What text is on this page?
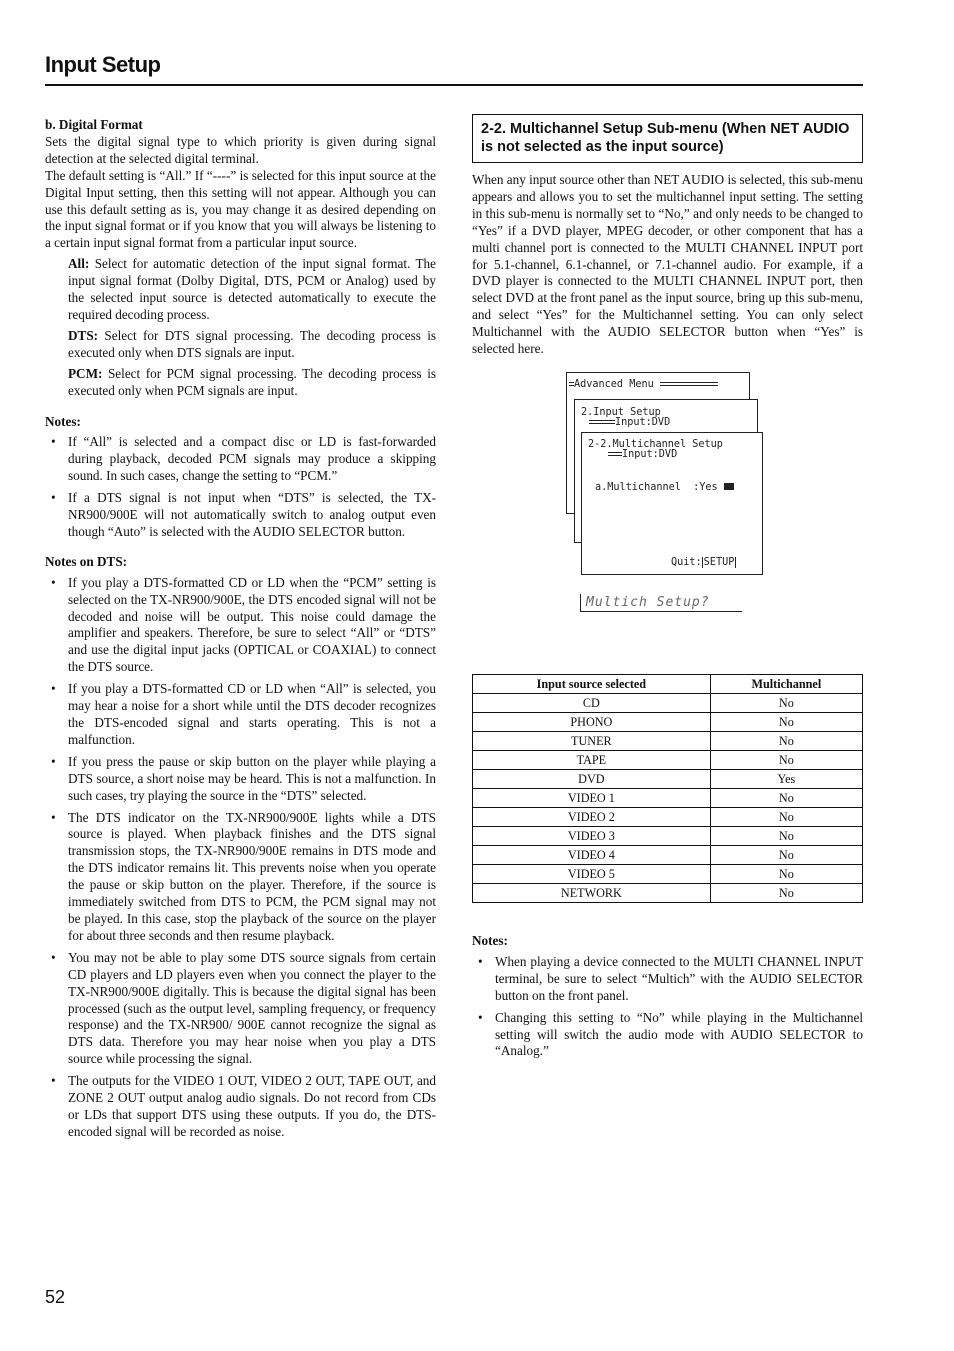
Input Setup

b. Digital Format

Sets the digital signal type to which priority is given during signal detection at the selected digital terminal.

The default setting is “All.” If “----” is selected for this input source at the Digital Input setting, then this setting will not appear. Although you can use this default setting as is, you may change it as desired depending on the input signal format or if you know that you will always be listening to a certain input signal format from a particular input source.

All: Select for automatic detection of the input signal format. The input signal format (Dolby Digital, DTS, PCM or Analog) used by the selected input source is detected automatically to execute the required decoding process.

DTS: Select for DTS signal processing. The decoding process is executed only when DTS signals are input.

PCM: Select for PCM signal processing. The decoding process is executed only when PCM signals are input.

Notes:

• If “All” is selected and a compact disc or LD is fast-forwarded during playback, decoded PCM signals may produce a skipping sound. In such cases, change the setting to “PCM.”
• If a DTS signal is not input when “DTS” is selected, the TX-NR900/900E will not automatically switch to analog output even though “Auto” is selected with the AUDIO SELECTOR button.

Notes on DTS:

• If you play a DTS-formatted CD or LD when the “PCM” setting is selected on the TX-NR900/900E, the DTS encoded signal will not be decoded and noise will be output. This noise could damage the amplifier and speakers. Therefore, be sure to select “All” or “DTS” and use the digital input jacks (OPTICAL or COAXIAL) to connect the DTS source.
• If you play a DTS-formatted CD or LD when “All” is selected, you may hear a noise for a short while until the DTS decoder recognizes the DTS-encoded signal and starts operating. This is not a malfunction.
• If you press the pause or skip button on the player while playing a DTS source, a short noise may be heard. This is not a malfunction. In such cases, try playing the source in the “DTS” selected.
• The DTS indicator on the TX-NR900/900E lights while a DTS source is played. When playback finishes and the DTS signal transmission stops, the TX-NR900/900E remains in DTS mode and the DTS indicator remains lit. This prevents noise when you operate the pause or skip button on the player. Therefore, if the source is immediately switched from DTS to PCM, the PCM signal may not be played. In this case, stop the playback of the source on the player for about three seconds and then resume playback.
• You may not be able to play some DTS source signals from certain CD players and LD players even when you connect the player to the TX-NR900/900E digitally. This is because the digital signal has been processed (such as the output level, sampling frequency, or frequency response) and the TX-NR900/ 900E cannot recognize the signal as DTS data. Therefore you may hear noise when you play a DTS source while processing the signal.
• The outputs for the VIDEO 1 OUT, VIDEO 2 OUT, TAPE OUT, and ZONE 2 OUT output analog audio signals. Do not record from CDs or LDs that support DTS using these outputs. If you do, the DTS-encoded signal will be recorded as noise.
2-2. Multichannel Setup Sub-menu (When NET AUDIO is not selected as the input source)

When any input source other than NET AUDIO is selected, this sub-menu appears and allows you to set the multichannel input setting. The setting in this sub-menu is normally set to “No,” and only needs to be changed to “Yes” if a DVD player, MPEG decoder, or other component that has a multi channel port is connected to the MULTI CHANNEL INPUT port for 5.1-channel, 6.1-channel, or 7.1-channel audio. For example, if a DVD player is connected to the MULTI CHANNEL INPUT port, then select DVD at the front panel as the input source, bring up this sub-menu, and select “Yes” for the Multichannel setting. You can only select Multichannel with the AUDIO SELECTOR button when “Yes” is selected here.

Advanced Menu
2.Input Setup
Input:DVD
2-2.Multichannel Setup
Input:DVD
a.Multichannel  :Yes
Quit: SETUP
Multich Setup?
Input source selected	Multichannel
CD	No
PHONO	No
TUNER	No
TAPE	No
DVD	Yes
VIDEO 1	No
VIDEO 2	No
VIDEO 3	No
VIDEO 4	No
VIDEO 5	No
NETWORK	No

Notes:

• When playing a device connected to the MULTI CHANNEL INPUT terminal, be sure to select “Multich” with the AUDIO SELECTOR button on the front panel.
• Changing this setting to “No” while playing in the Multichannel setting will switch the audio mode with AUDIO SELECTOR to “Analog.”
52
